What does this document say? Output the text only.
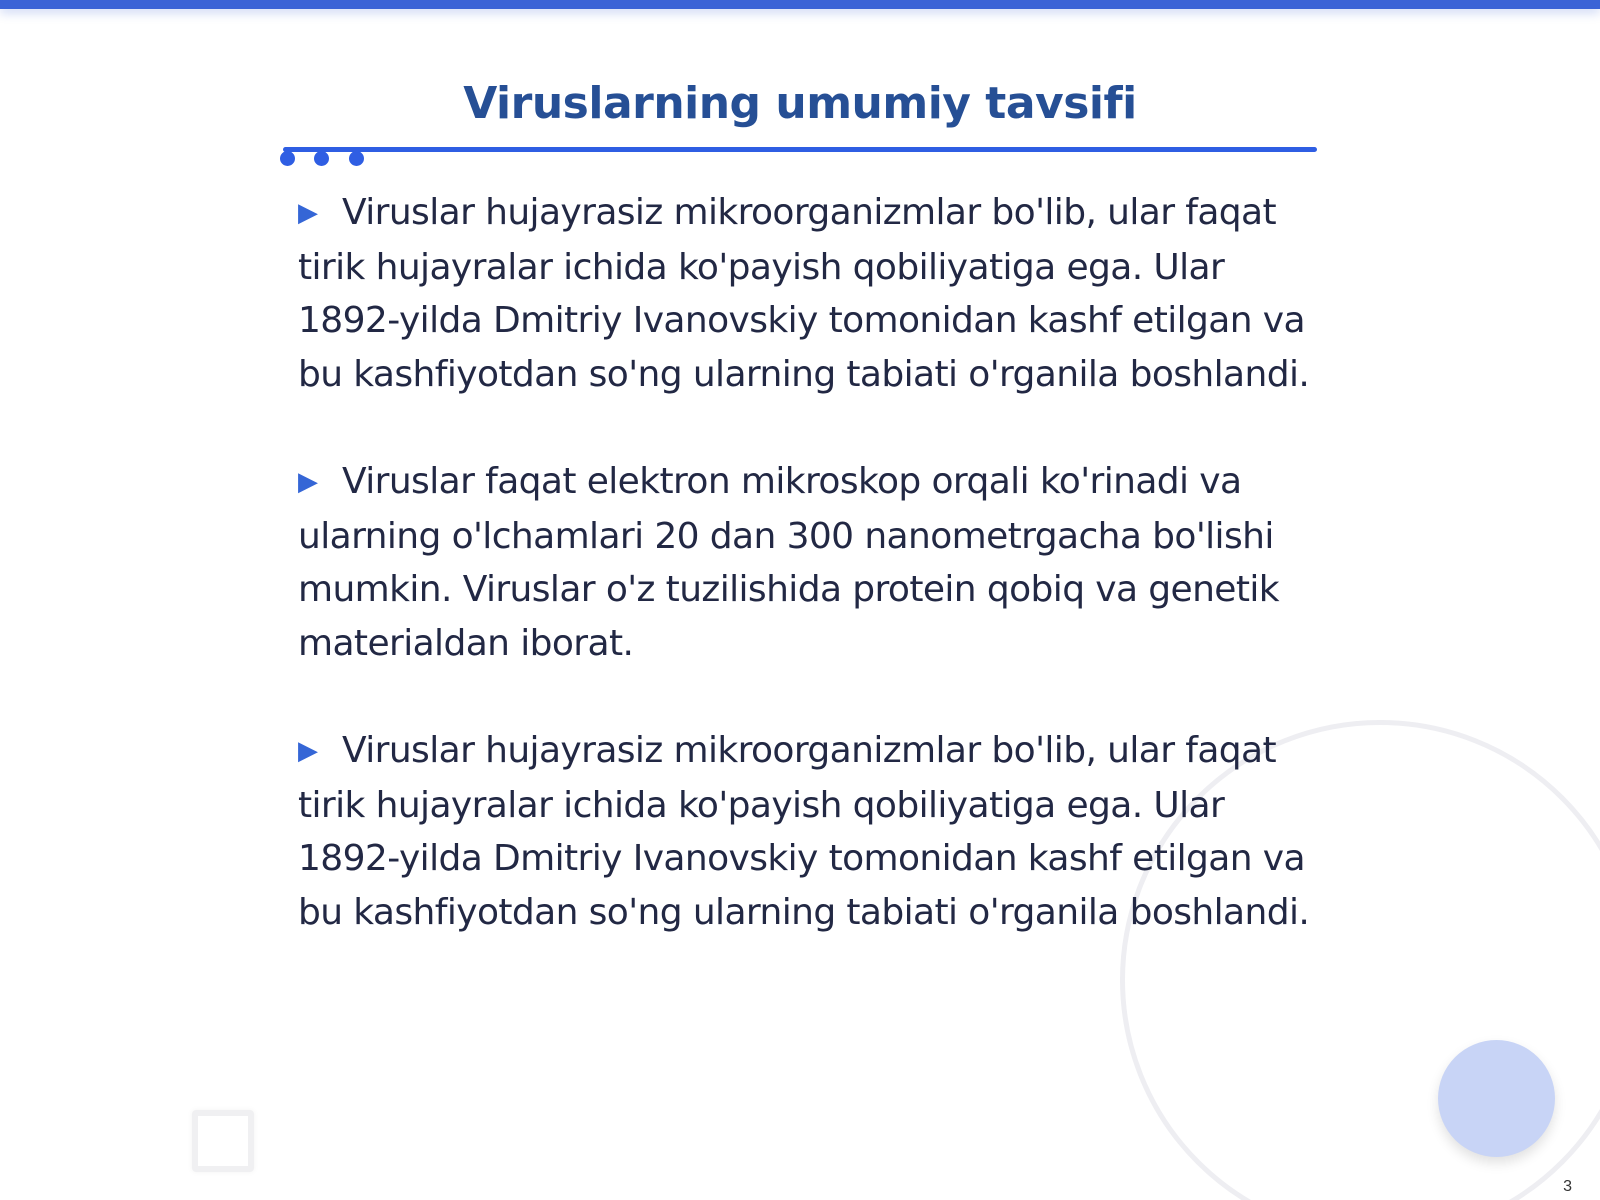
Viruslarning umumiy tavsifi

▶ Viruslar hujayrasiz mikroorganizmlar bo'lib, ular faqat tirik hujayralar ichida ko'payish qobiliyatiga ega. Ular 1892-yilda Dmitriy Ivanovskiy tomonidan kashf etilgan va bu kashfiyotdan so'ng ularning tabiati o'rganila boshlandi.

▶ Viruslar faqat elektron mikroskop orqali ko'rinadi va ularning o'lchamlari 20 dan 300 nanometrgacha bo'lishi mumkin. Viruslar o'z tuzilishida protein qobiq va genetik materialdan iborat.

▶ Viruslar hujayrasiz mikroorganizmlar bo'lib, ular faqat tirik hujayralar ichida ko'payish qobiliyatiga ega. Ular 1892-yilda Dmitriy Ivanovskiy tomonidan kashf etilgan va bu kashfiyotdan so'ng ularning tabiati o'rganila boshlandi.

3
